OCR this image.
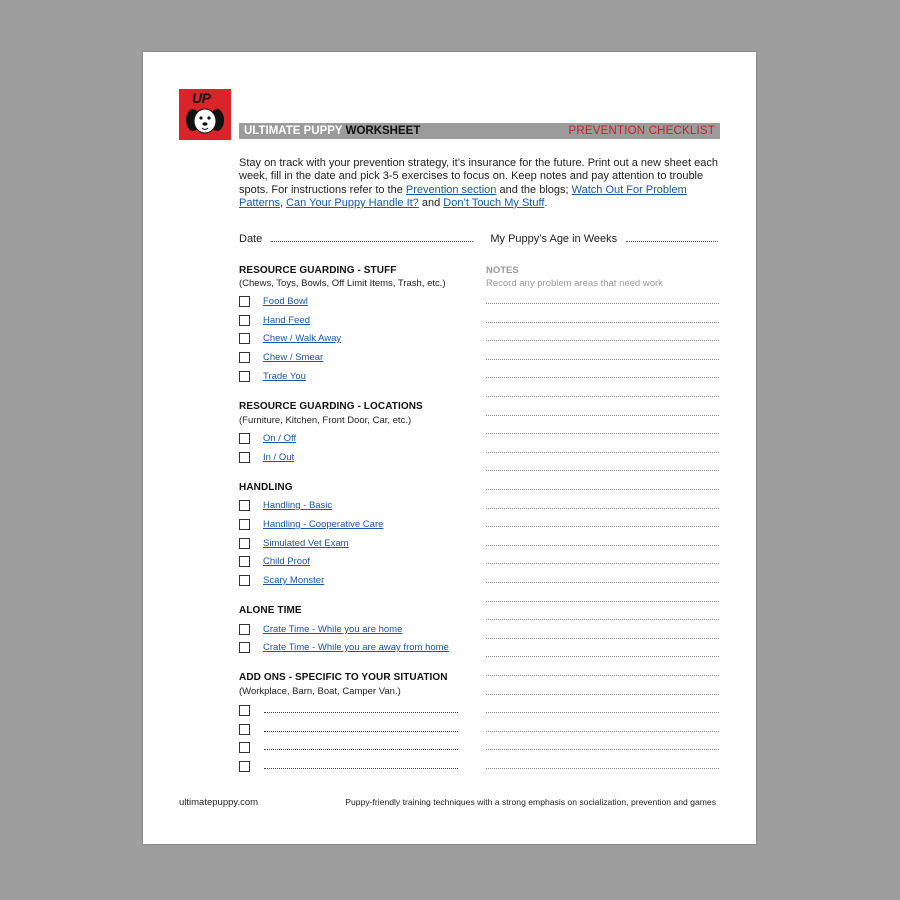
UP
ULTIMATE PUPPY WORKSHEET	PREVENTION CHECKLIST
Stay on track with your prevention strategy, it’s insurance for the future. Print out a new sheet each week, fill in the date and pick 3-5 exercises to focus on. Keep notes and pay attention to trouble spots. For instructions refer to the Prevention section and the blogs; Watch Out For Problem Patterns, Can Your Puppy Handle It? and Don’t Touch My Stuff.
Date	My Puppy’s Age in Weeks
RESOURCE GUARDING - STUFF
(Chews, Toys, Bowls, Off Limit Items, Trash, etc.)
Food Bowl
Hand Feed
Chew / Walk Away
Chew / Smear
Trade You
RESOURCE GUARDING - LOCATIONS
(Furniture, Kitchen, Front Door, Car, etc.)
On / Off
In / Out
HANDLING
Handling - Basic
Handling - Cooperative Care
Simulated Vet Exam
Child Proof
Scary Monster
ALONE TIME
Crate Time - While you are home
Crate Time - While you are away from home
ADD ONS - SPECIFIC TO YOUR SITUATION
(Workplace, Barn, Boat, Camper Van.)
NOTES
Record any problem areas that need work
ultimatepuppy.com	Puppy-friendly training techniques with a strong emphasis on socialization, prevention and games
